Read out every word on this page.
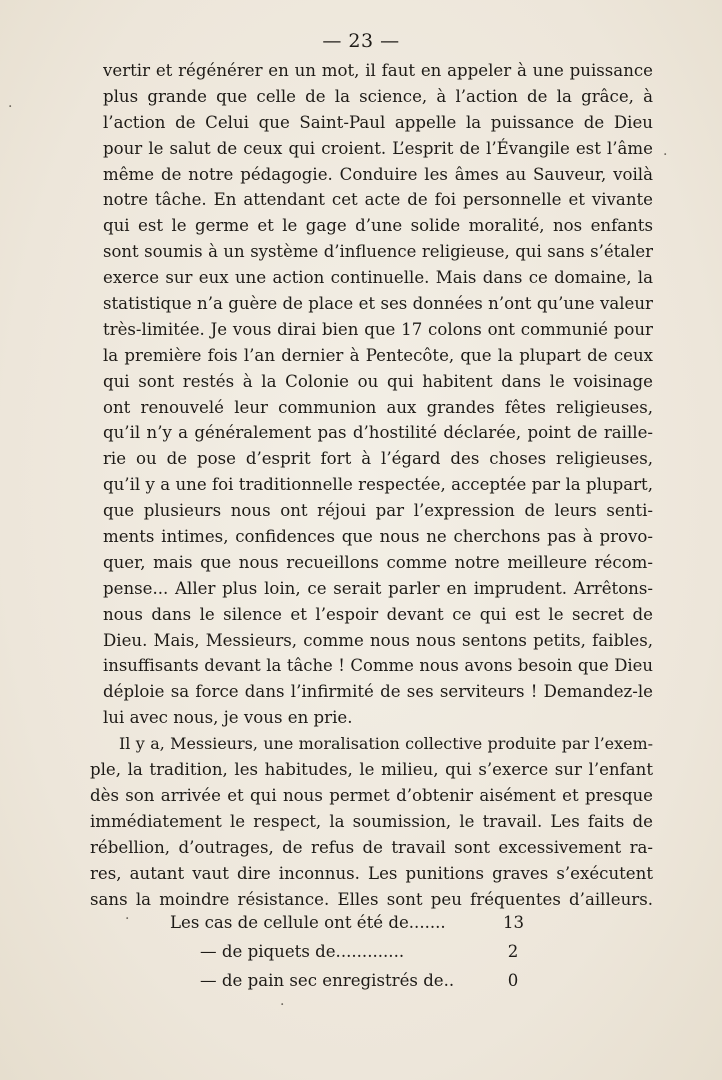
— 23 —
vertir et régénérer en un mot, il faut en appeler à une puissance
plus grande que celle de la science, à l’action de la grâce, à
l’action de Celui que Saint-Paul appelle la puissance de Dieu
pour le salut de ceux qui croient. L’esprit de l’Évangile est l’âme
même de notre pédagogie. Conduire les âmes au Sauveur, voilà
notre tâche. En attendant cet acte de foi personnelle et vivante
qui est le germe et le gage d’une solide moralité, nos enfants
sont soumis à un système d’influence religieuse, qui sans s’étaler
exerce sur eux une action continuelle. Mais dans ce domaine, la
statistique n’a guère de place et ses données n’ont qu’une valeur
très-limitée. Je vous dirai bien que 17 colons ont communié pour
la première fois l’an dernier à Pentecôte, que la plupart de ceux
qui sont restés à la Colonie ou qui habitent dans le voisinage
ont renouvelé leur communion aux grandes fêtes religieuses,
qu’il n’y a généralement pas d’hostilité déclarée, point de raille-
rie ou de pose d’esprit fort à l’égard des choses religieuses,
qu’il y a une foi traditionnelle respectée, acceptée par la plupart,
que plusieurs nous ont réjoui par l’expression de leurs senti-
ments intimes, confidences que nous ne cherchons pas à provo-
quer, mais que nous recueillons comme notre meilleure récom-
pense... Aller plus loin, ce serait parler en imprudent. Arrêtons-
nous dans le silence et l’espoir devant ce qui est le secret de
Dieu. Mais, Messieurs, comme nous nous sentons petits, faibles,
insuffisants devant la tâche ! Comme nous avons besoin que Dieu
déploie sa force dans l’infirmité de ses serviteurs ! Demandez-le
lui avec nous, je vous en prie.
Il y a, Messieurs, une moralisation collective produite par l’exem-
ple, la tradition, les habitudes, le milieu, qui s’exerce sur l’enfant
dès son arrivée et qui nous permet d’obtenir aisément et presque
immédiatement le respect, la soumission, le travail. Les faits de
rébellion, d’outrages, de refus de travail sont excessivement ra-
res, autant vaut dire inconnus. Les punitions graves s’exécutent
sans la moindre résistance. Elles sont peu fréquentes d’ailleurs.
Les cas de cellule ont été de.......	13
— de piquets de.............	2
— de pain sec enregistrés de..	0
·
·
·
·
